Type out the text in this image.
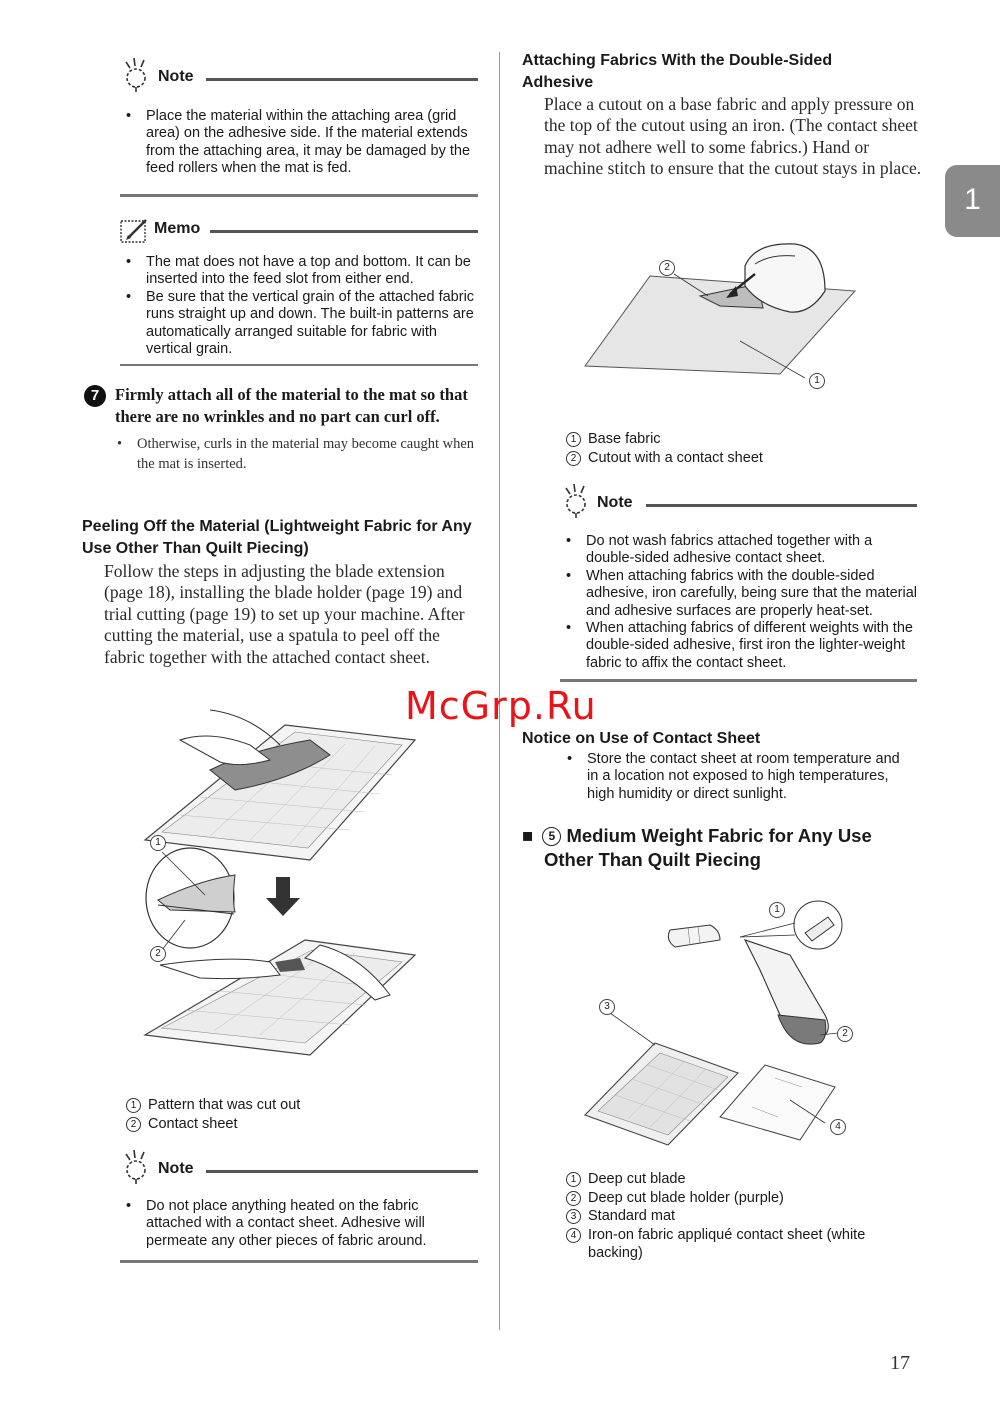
1
Note
• Place the material within the attaching area (grid area) on the adhesive side. If the material extends from the attaching area, it may be damaged by the feed rollers when the mat is fed.
Memo
• The mat does not have a top and bottom. It can be inserted into the feed slot from either end.
• Be sure that the vertical grain of the attached fabric runs straight up and down. The built-in patterns are automatically arranged suitable for fabric with vertical grain.
7 Firmly attach all of the material to the mat so that there are no wrinkles and no part can curl off.
• Otherwise, curls in the material may become caught when the mat is inserted.
Peeling Off the Material (Lightweight Fabric for Any Use Other Than Quilt Piecing)

Follow the steps in adjusting the blade extension (page 18), installing the blade holder (page 19) and trial cutting (page 19) to set up your machine. After cutting the material, use a spatula to peel off the fabric together with the attached contact sheet.

1
2
1 Pattern that was cut out
2 Contact sheet
Note
• Do not place anything heated on the fabric attached with a contact sheet. Adhesive will permeate any other pieces of fabric around.
Attaching Fabrics With the Double-Sided Adhesive

Place a cutout on a base fabric and apply pressure on the top of the cutout using an iron. (The contact sheet may not adhere well to some fabrics.) Hand or machine stitch to ensure that the cutout stays in place.

2
1
1 Base fabric
2 Cutout with a contact sheet
Note
• Do not wash fabrics attached together with a double-sided adhesive contact sheet.
• When attaching fabrics with the double-sided adhesive, iron carefully, being sure that the material and adhesive surfaces are properly heat-set.
• When attaching fabrics of different weights with the double-sided adhesive, first iron the lighter-weight fabric to affix the contact sheet.
Notice on Use of Contact Sheet
• Store the contact sheet at room temperature and in a location not exposed to high temperatures, high humidity or direct sunlight.
■ 5 Medium Weight Fabric for Any Use
Other Than Quilt Piecing
1
2
3
4
1 Deep cut blade
2 Deep cut blade holder (purple)
3 Standard mat
4 Iron-on fabric appliqué contact sheet (white backing)
McGrp.Ru
17
